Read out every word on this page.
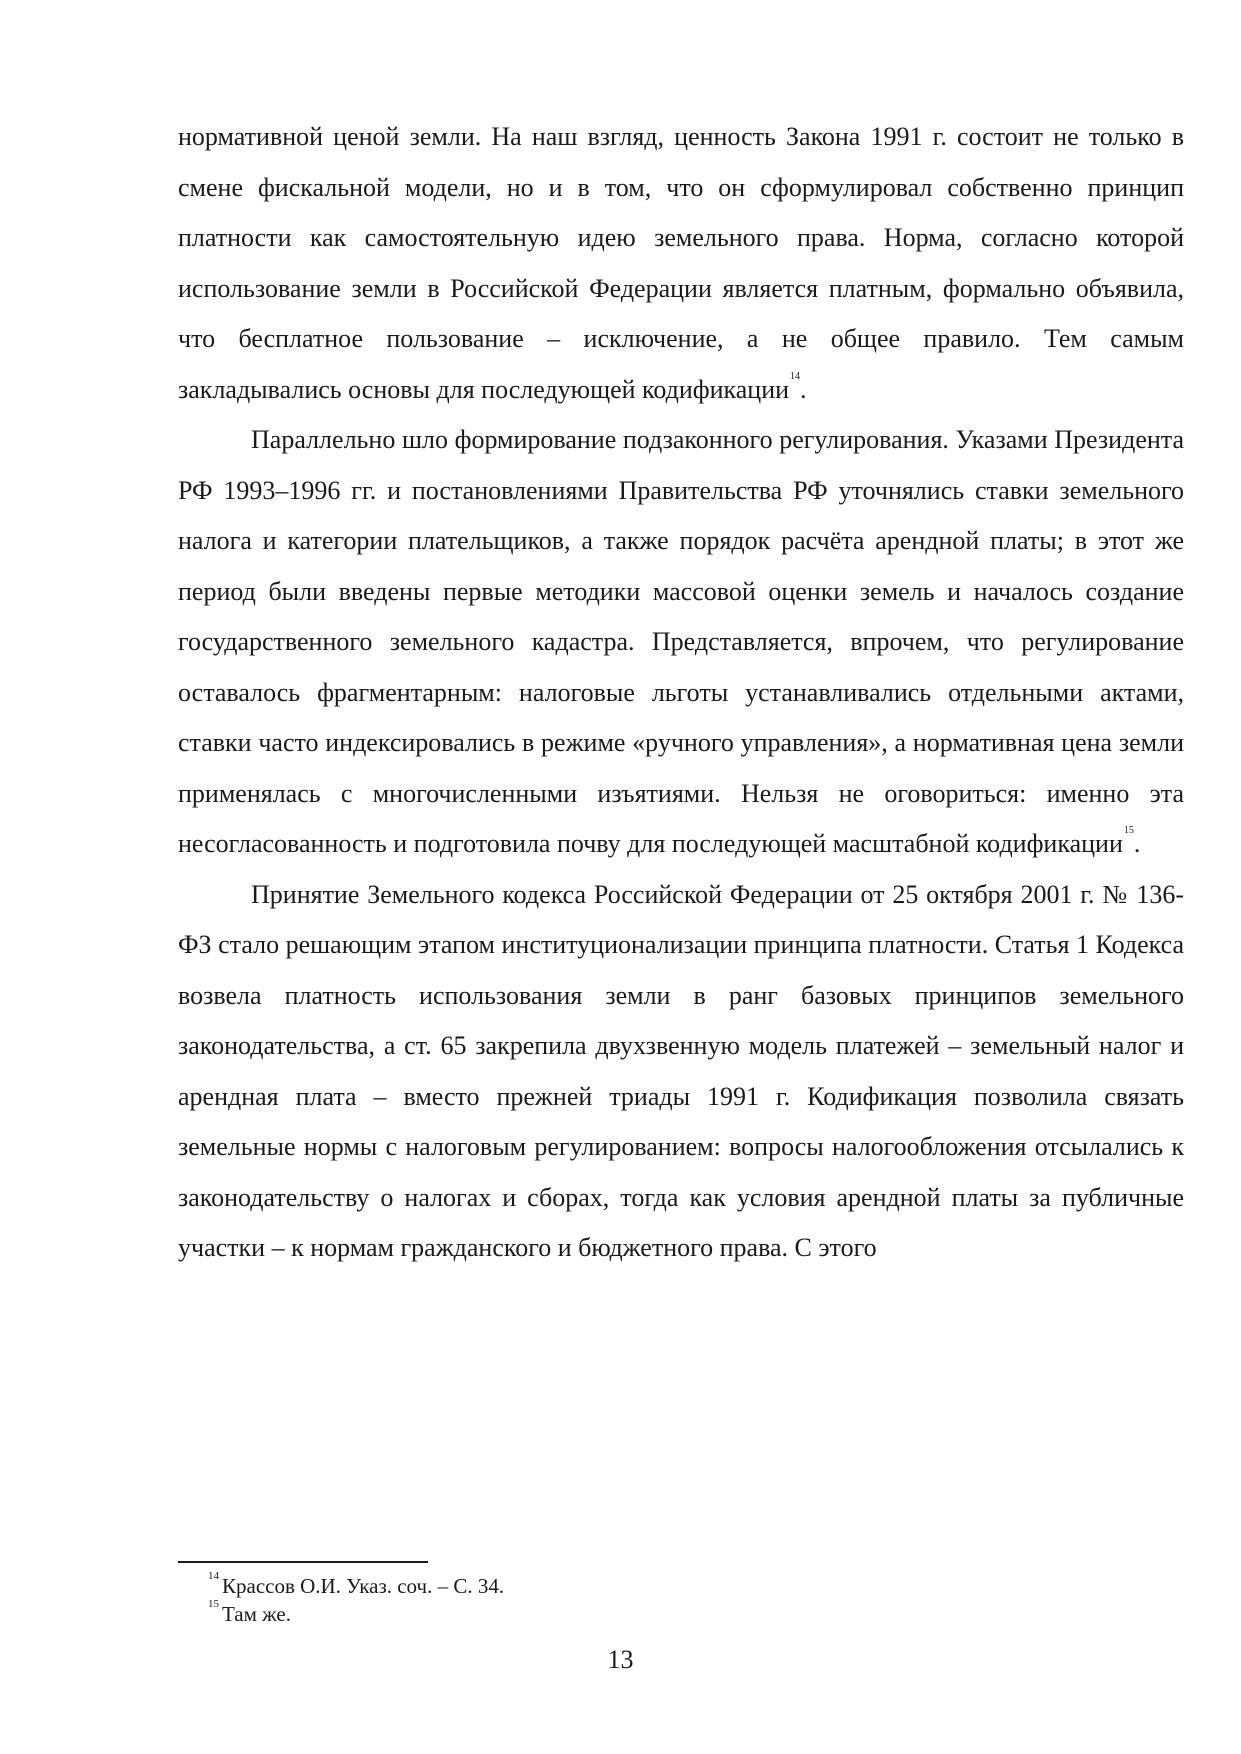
нормативной ценой земли. На наш взгляд, ценность Закона 1991 г. состоит не только в смене фискальной модели, но и в том, что он сформулировал собственно принцип платности как самостоятельную идею земельного права. Норма, согласно которой использование земли в Российской Федерации является платным, формально объявила, что бесплатное пользование – исключение, а не общее правило. Тем самым закладывались основы для последующей кодификации$^{14}$.

Параллельно шло формирование подзаконного регулирования. Указами Президента РФ 1993–1996 гг. и постановлениями Правительства РФ уточнялись ставки земельного налога и категории плательщиков, а также порядок расчёта арендной платы; в этот же период были введены первые методики массовой оценки земель и началось создание государственного земельного кадастра. Представляется, впрочем, что регулирование оставалось фрагментарным: налоговые льготы устанавливались отдельными актами, ставки часто индексировались в режиме «ручного управления», а нормативная цена земли применялась с многочисленными изъятиями. Нельзя не оговориться: именно эта несогласованность и подготовила почву для последующей масштабной кодификации$^{15}$.

Принятие Земельного кодекса Российской Федерации от 25 октября 2001 г. № 136-ФЗ стало решающим этапом институционализации принципа платности. Статья 1 Кодекса возвела платность использования земли в ранг базовых принципов земельного законодательства, а ст. 65 закрепила двухзвенную модель платежей – земельный налог и арендная плата – вместо прежней триады 1991 г. Кодификация позволила связать земельные нормы с налоговым регулированием: вопросы налогообложения отсылались к законодательству о налогах и сборах, тогда как условия арендной платы за публичные участки – к нормам гражданского и бюджетного права. С этого

$^{14}$ Крассов О.И. Указ. соч. – С. 34.

$^{15}$ Там же.

13
